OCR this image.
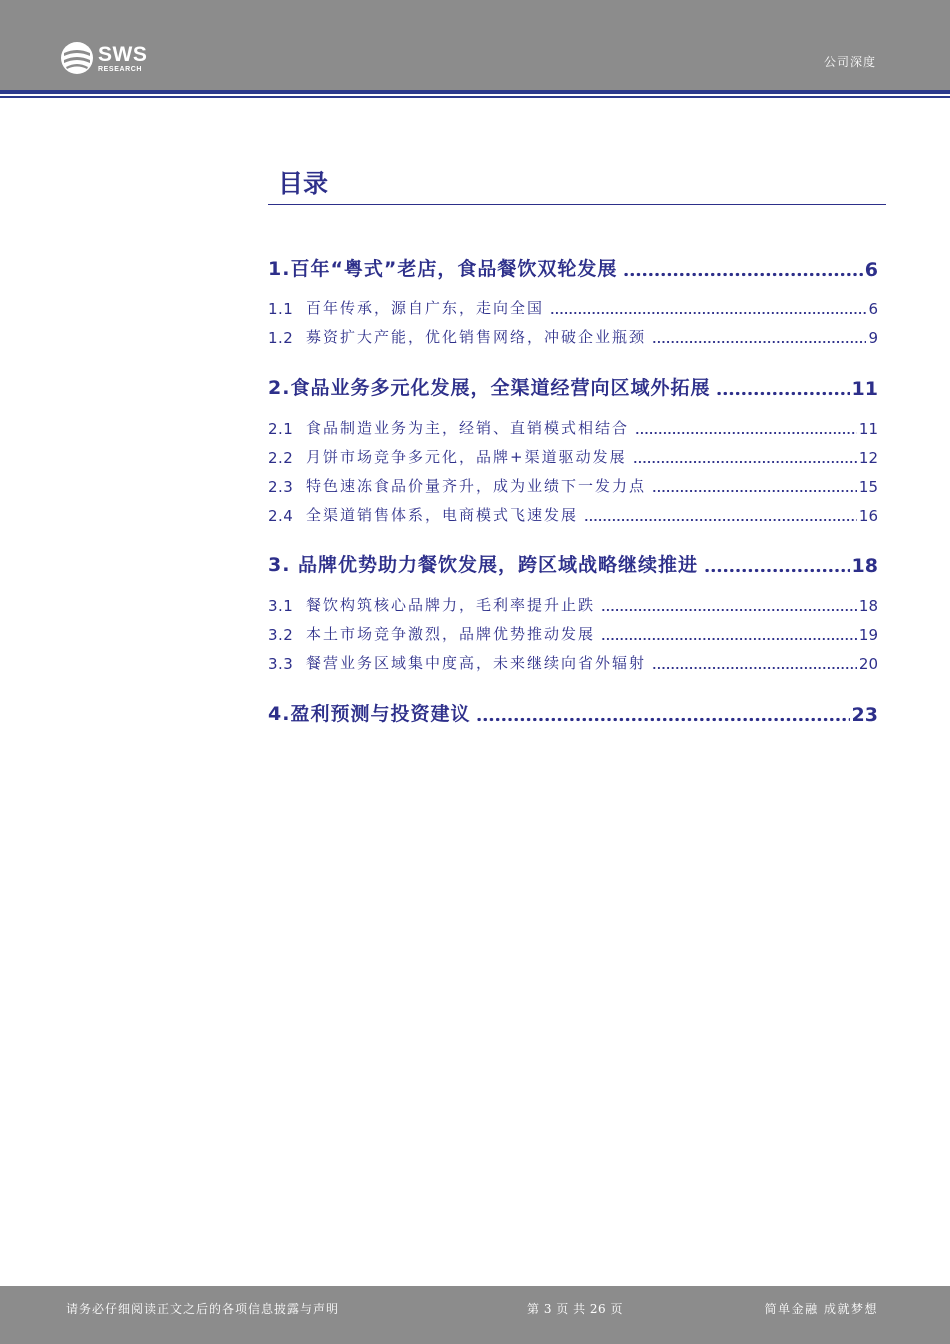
SWS
RESEARCH	公司深度
目录
1.百年“粤式”老店，食品餐饮双轮发展	6
1.1 百年传承，源自广东，走向全国	6
1.2 募资扩大产能，优化销售网络，冲破企业瓶颈	9
2.食品业务多元化发展，全渠道经营向区域外拓展	11
2.1 食品制造业务为主，经销、直销模式相结合	11
2.2 月饼市场竞争多元化，品牌+渠道驱动发展	12
2.3 特色速冻食品价量齐升，成为业绩下一发力点	15
2.4 全渠道销售体系，电商模式飞速发展	16
3. 品牌优势助力餐饮发展，跨区域战略继续推进	18
3.1 餐饮构筑核心品牌力，毛利率提升止跌	18
3.2 本土市场竞争激烈，品牌优势推动发展	19
3.3 餐营业务区域集中度高，未来继续向省外辐射	20
4.盈利预测与投资建议	23
请务必仔细阅读正文之后的各项信息披露与声明	第 3 页 共 26 页	简单金融 成就梦想
